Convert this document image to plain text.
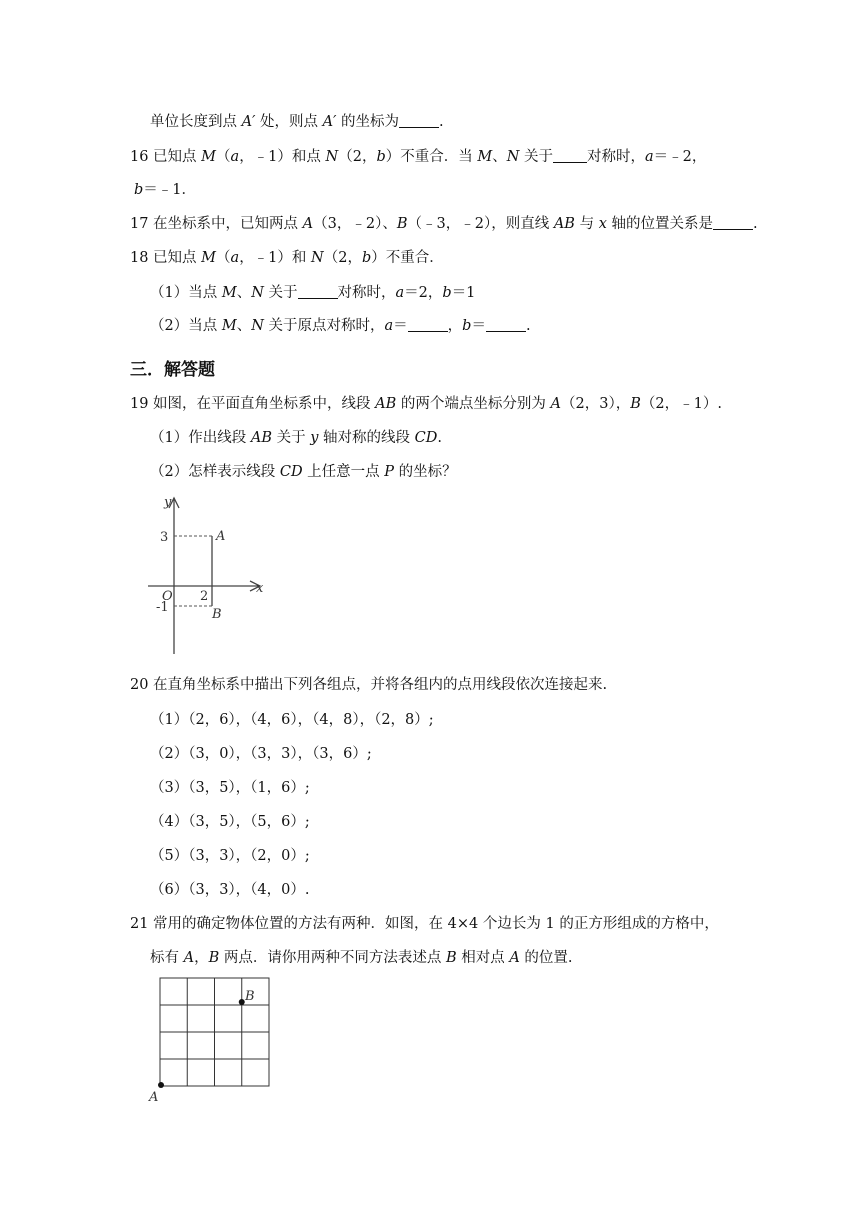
单位长度到点 A′ 处，则点 A′ 的坐标为	.
16 已知点 M（a，﹣1）和点 N（2，b）不重合．当 M、N 关于 对称时，a＝﹣2，
b＝﹣1．
17 在坐标系中，已知两点 A（3，﹣2）、B（﹣3，﹣2），则直线 AB 与 x 轴的位置关系是	.
18 已知点 M（a，﹣1）和 N（2，b）不重合．
（1）当点 M、N 关于	对称时，a＝2，b＝1
（2）当点 M、N 关于原点对称时，a＝	，b＝	.
三．解答题
19 如图，在平面直角坐标系中，线段 AB 的两个端点坐标分别为 A（2，3），B（2，﹣1）.
（1）作出线段 AB 关于 y 轴对称的线段 CD.
（2）怎样表示线段 CD 上任意一点 P 的坐标？
y
x
O
3
2
-1
A
B
20 在直角坐标系中描出下列各组点，并将各组内的点用线段依次连接起来.
（1）（2，6），（4，6），（4，8），（2，8）;
（2）（3，0），（3，3），（3，6）;
（3）（3，5），（1，6）;
（4）（3，5），（5，6）;
（5）（3，3），（2，0）;
（6）（3，3），（4，0）.
21 常用的确定物体位置的方法有两种．如图，在 4×4 个边长为 1 的正方形组成的方格中，
标有 A，B 两点．请你用两种不同方法表述点 B 相对点 A 的位置.
B
A
